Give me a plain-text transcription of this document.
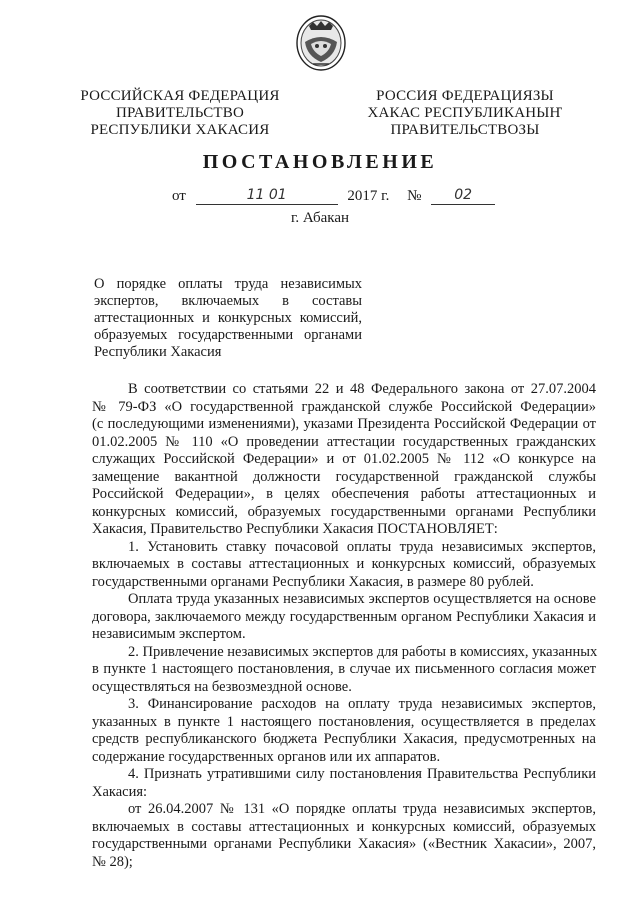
РОССИЙСКАЯ ФЕДЕРАЦИЯ
ПРАВИТЕЛЬСТВО
РЕСПУБЛИКИ ХАКАСИЯ
РОССИЯ ФЕДЕРАЦИЯЗЫ
ХАКАС РЕСПУБЛИКАНЫҤ
ПРАВИТЕЛЬСТВОЗЫ
ПОСТАНОВЛЕНИЕ
от	11 01	2017 г. № 02
г. Абакан
О порядке оплаты труда независимых
экспертов, включаемых в составы
аттестационных и конкурсных комиссий,
образуемых государственными органами
Республики Хакасия
В соответствии со статьями 22 и 48 Федерального закона от 27.07.2004
№ 79-ФЗ «О государственной гражданской службе Российской Федерации»
(с последующими изменениями), указами Президента Российской Федерации от
01.02.2005 № 110 «О проведении аттестации государственных гражданских
служащих Российской Федерации» и от 01.02.2005 № 112 «О конкурсе на
замещение вакантной должности государственной гражданской службы
Российской Федерации», в целях обеспечения работы аттестационных и
конкурсных комиссий, образуемых государственными органами Республики
Хакасия, Правительство Республики Хакасия ПОСТАНОВЛЯЕТ:
1. Установить ставку почасовой оплаты труда независимых экспертов,
включаемых в составы аттестационных и конкурсных комиссий, образуемых
государственными органами Республики Хакасия, в размере 80 рублей.
Оплата труда указанных независимых экспертов осуществляется на основе
договора, заключаемого между государственным органом Республики Хакасия и
независимым экспертом.
2. Привлечение независимых экспертов для работы в комиссиях, указанных
в пункте 1 настоящего постановления, в случае их письменного согласия может
осуществляться на безвозмездной основе.
3. Финансирование расходов на оплату труда независимых экспертов,
указанных в пункте 1 настоящего постановления, осуществляется в пределах
средств республиканского бюджета Республики Хакасия, предусмотренных на
содержание государственных органов или их аппаратов.
4. Признать утратившими силу постановления Правительства Республики
Хакасия:
от 26.04.2007 № 131 «О порядке оплаты труда независимых экспертов,
включаемых в составы аттестационных и конкурсных комиссий, образуемых
государственными органами Республики Хакасия» («Вестник Хакасии», 2007,
№ 28);
